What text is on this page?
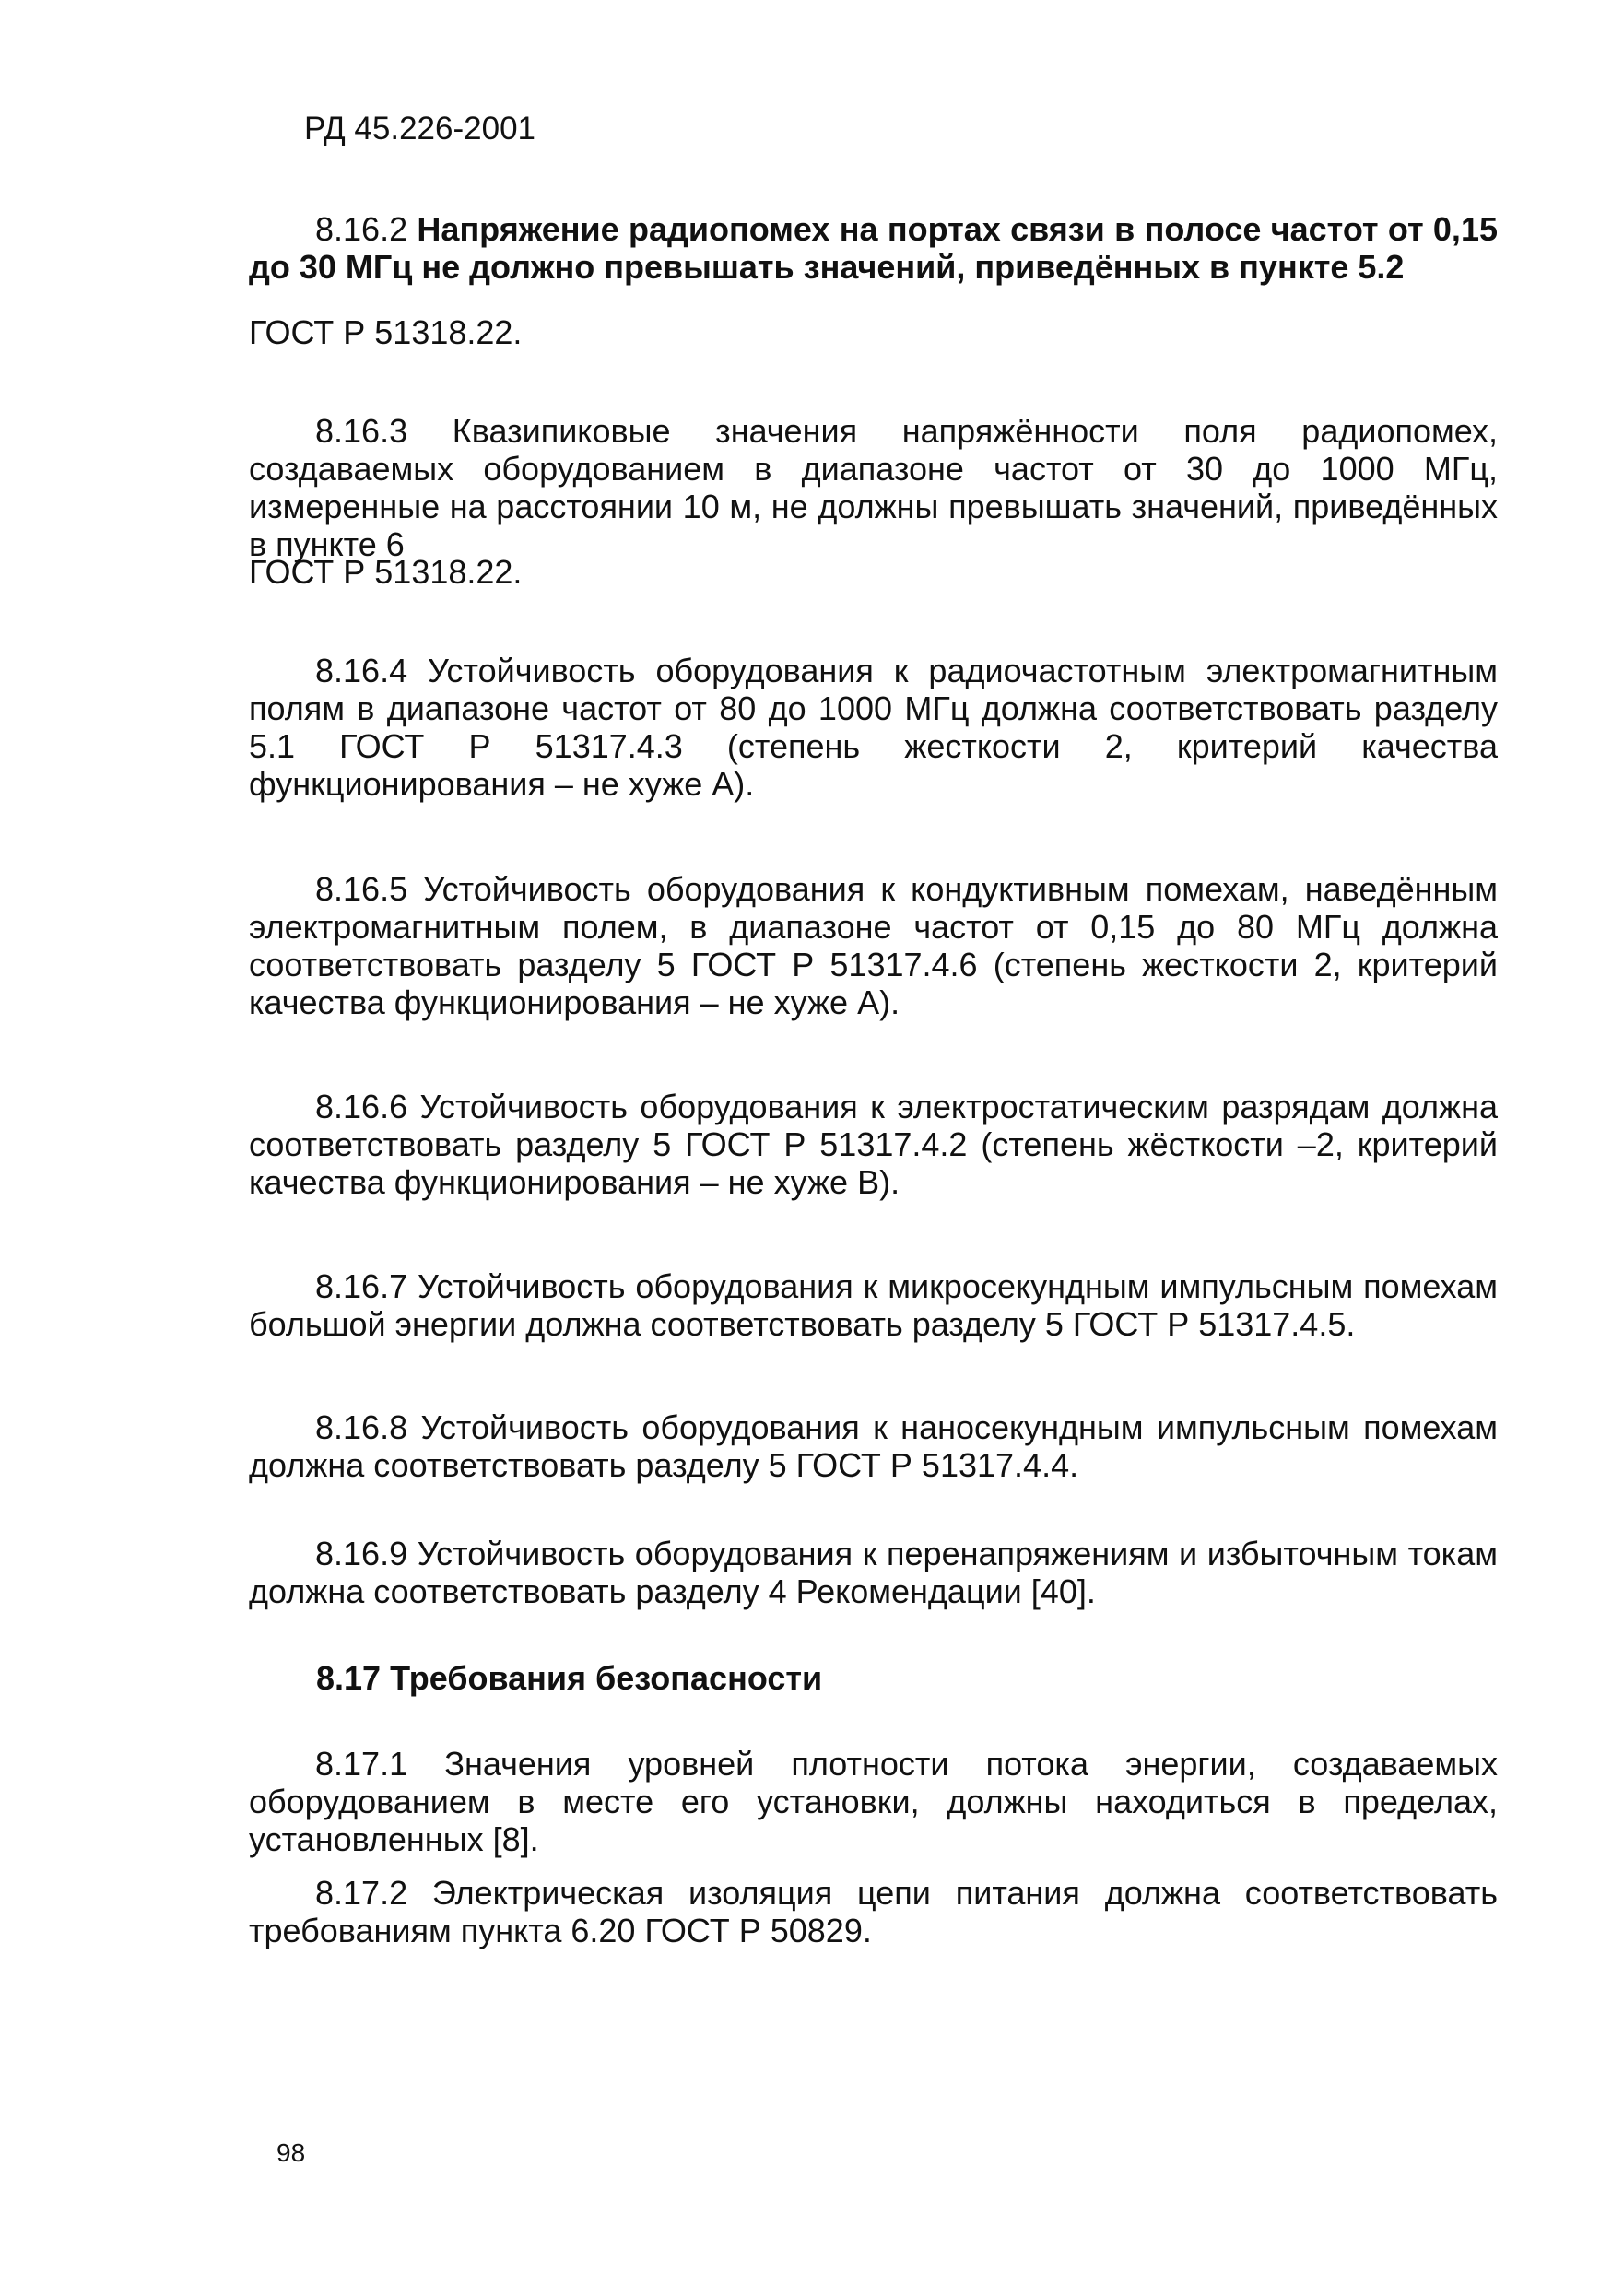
РД 45.226-2001

8.16.2 Напряжение радиопомех на портах связи в полосе частот от 0,15 до 30 МГц не должно превышать значений, приведённых в пункте 5.2

ГОСТ Р 51318.22.

8.16.3 Квазипиковые значения напряжённости поля радиопомех, создаваемых оборудованием в диапазоне частот от 30 до 1000 МГц, измеренные на расстоянии 10 м, не должны превышать значений, приведённых в пункте 6

ГОСТ Р 51318.22.

8.16.4 Устойчивость оборудования к радиочастотным электромагнитным полям в диапазоне частот от 80 до 1000 МГц должна соответствовать разделу 5.1 ГОСТ Р 51317.4.3 (степень жесткости 2, критерий качества функционирования – не хуже А).

8.16.5 Устойчивость оборудования к кондуктивным помехам, наведённым электромагнитным полем, в диапазоне частот от 0,15 до 80 МГц должна соответствовать разделу 5 ГОСТ Р 51317.4.6 (степень жесткости 2, критерий качества функционирования – не хуже А).

8.16.6 Устойчивость оборудования к электростатическим разрядам должна соответствовать разделу 5 ГОСТ Р 51317.4.2 (степень жёсткости –2, критерий качества функционирования – не хуже В).

8.16.7 Устойчивость оборудования к микросекундным импульсным помехам большой энергии должна соответствовать разделу 5 ГОСТ Р 51317.4.5.

8.16.8 Устойчивость оборудования к наносекундным импульсным помехам должна соответствовать разделу 5 ГОСТ Р 51317.4.4.

8.16.9 Устойчивость оборудования к перенапряжениям и избыточным токам должна соответствовать разделу 4 Рекомендации [40].

8.17 Требования безопасности

8.17.1 Значения уровней плотности потока энергии, создаваемых оборудованием в месте его установки, должны находиться в пределах, установленных [8].

8.17.2 Электрическая изоляция цепи питания должна соответствовать требованиям пункта 6.20 ГОСТ Р 50829.

98
